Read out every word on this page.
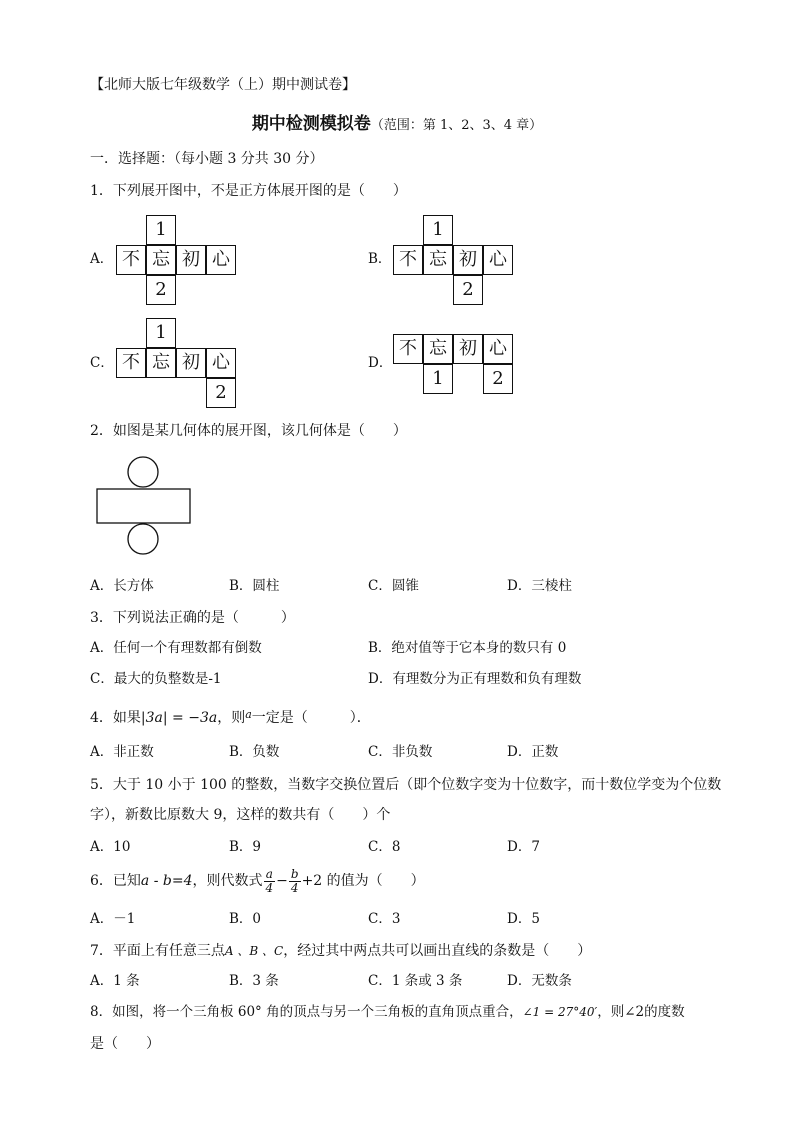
【北师大版七年级数学（上）期中测试卷】
期中检测模拟卷（范围：第 1、2、3、4 章）
一．选择题：（每小题 3 分共 30 分）
1．下列展开图中，不是正方体展开图的是（　　）
A．
1
不 忘 初 心
2
B．
1
不 忘 初 心
2
C．
1
不 忘 初 心
2
D．
不 忘 初 心
1	2
2．如图是某几何体的展开图，该几何体是（　　）
A．长方体	B．圆柱	C．圆锥	D．三棱柱
3．下列说法正确的是（　　　）
A．任何一个有理数都有倒数	B．绝对值等于它本身的数只有 0
C．最大的负整数是-1	D．有理数分为正有理数和负有理数
4．如果|3a| = −3a，则$^a$一定是（　　　）．
A．非正数	B．负数	C．非负数	D．正数
5．大于 10 小于 100 的整数，当数字交换位置后（即个位数字变为十位数字，而十数位学变为个位数
字），新数比原数大 9，这样的数共有（　　）个
A．10	B．9	C．8	D．7
6．已知a - b=4，则代数式 $\frac{a}{4} - \frac{b}{4} +2$ 的值为（　　）
A．－1	B．0	C．3	D．5
7．平面上有任意三点A 、B 、C，经过其中两点共可以画出直线的条数是（　　）
A．1 条	B．3 条	C．1 条或 3 条	D．无数条
8．如图，将一个三角板 60° 角的顶点与另一个三角板的直角顶点重合，∠1 = 27°40′，则∠2的度数
是（　　）
